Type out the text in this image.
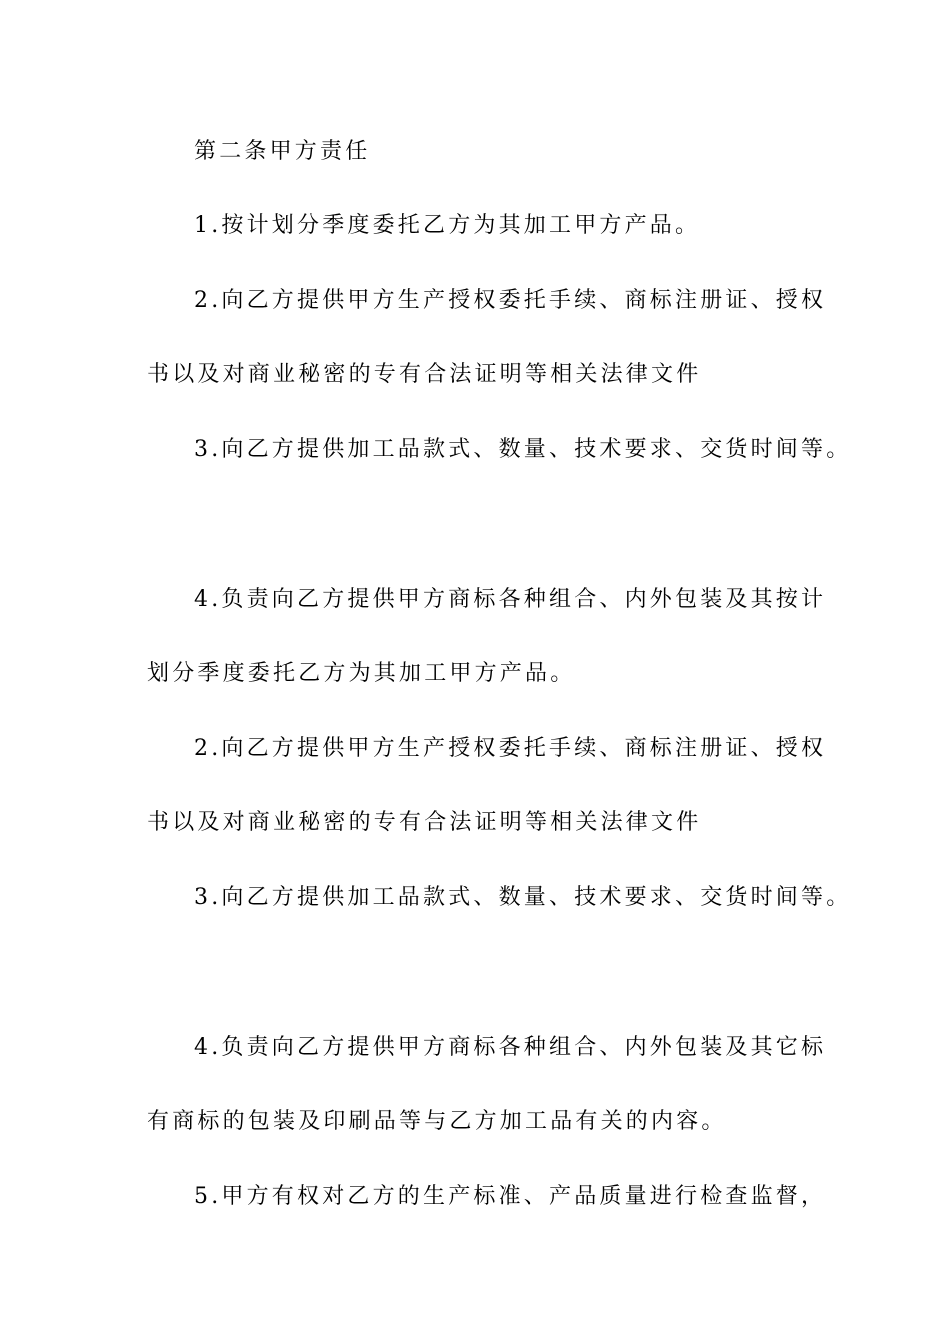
第二条甲方责任
1.按计划分季度委托乙方为其加工甲方产品。
2.向乙方提供甲方生产授权委托手续、商标注册证、授权
书以及对商业秘密的专有合法证明等相关法律文件
3.向乙方提供加工品款式、数量、技术要求、交货时间等。
4.负责向乙方提供甲方商标各种组合、内外包装及其按计
划分季度委托乙方为其加工甲方产品。
2.向乙方提供甲方生产授权委托手续、商标注册证、授权
书以及对商业秘密的专有合法证明等相关法律文件
3.向乙方提供加工品款式、数量、技术要求、交货时间等。
4.负责向乙方提供甲方商标各种组合、内外包装及其它标
有商标的包装及印刷品等与乙方加工品有关的内容。
5.甲方有权对乙方的生产标准、产品质量进行检查监督，
